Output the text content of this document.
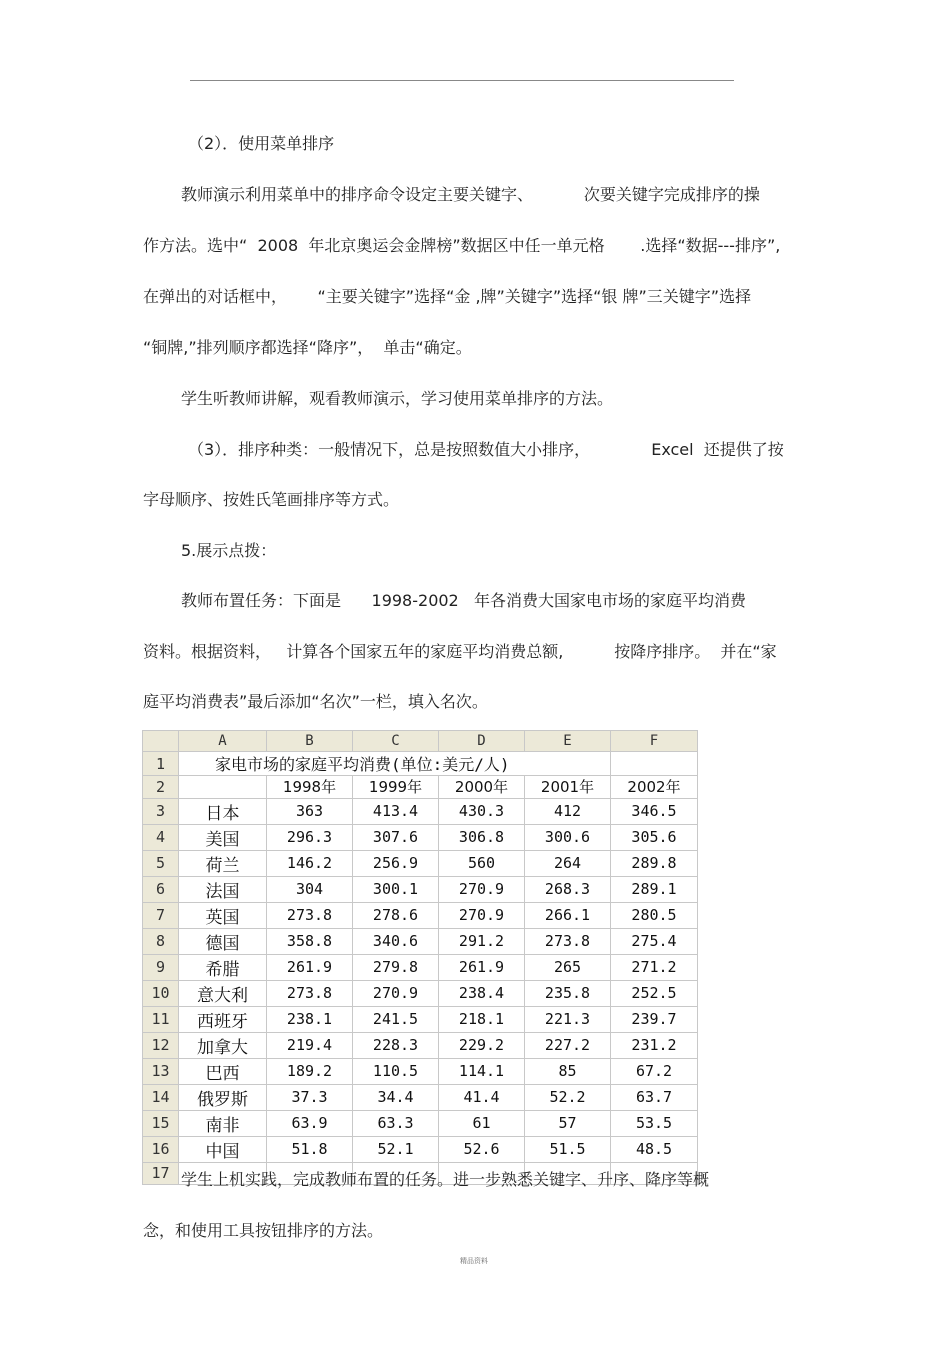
（2）．使用菜单排序
教师演示利用菜单中的排序命令设定主要关键字、          次要关键字完成排序的操
作方法。选中“  2008  年北京奥运会金牌榜”数据区中任一单元格       .选择“数据---排序”,
在弹出的对话框中，      “主要关键字”选择“金 ,牌”关键字”选择“银 牌”三关键字”选择
“铜牌,”排列顺序都选择“降序”，  单击“确定。
学生听教师讲解，观看教师演示，学习使用菜单排序的方法。
（3）．排序种类：一般情况下，总是按照数值大小排序，            Excel  还提供了按
字母顺序、按姓氏笔画排序等方式。
5.展示点拨：
教师布置任务：下面是      1998-2002   年各消费大国家电市场的家庭平均消费
资料。根据资料，   计算各个国家五年的家庭平均消费总额,          按降序排序。  并在“家
庭平均消费表”最后添加“名次”一栏，填入名次。
	A	B	C	D	E	F
1	家电市场的家庭平均消费(单位:美元/人)					
2		1998年	1999年	2000年	2001年	2002年
3	日本	363	413.4	430.3	412	346.5
4	美国	296.3	307.6	306.8	300.6	305.6
5	荷兰	146.2	256.9	560	264	289.8
6	法国	304	300.1	270.9	268.3	289.1
7	英国	273.8	278.6	270.9	266.1	280.5
8	德国	358.8	340.6	291.2	273.8	275.4
9	希腊	261.9	279.8	261.9	265	271.2
10	意大利	273.8	270.9	238.4	235.8	252.5
11	西班牙	238.1	241.5	218.1	221.3	239.7
12	加拿大	219.4	228.3	229.2	227.2	231.2
13	巴西	189.2	110.5	114.1	85	67.2
14	俄罗斯	37.3	34.4	41.4	52.2	63.7
15	南非	63.9	63.3	61	57	53.5
16	中国	51.8	52.1	52.6	51.5	48.5
17						学生上机实践，完成教师布置的任务。进一步熟悉关键字、升序、降序等概
念，和使用工具按钮排序的方法。
精品资料
